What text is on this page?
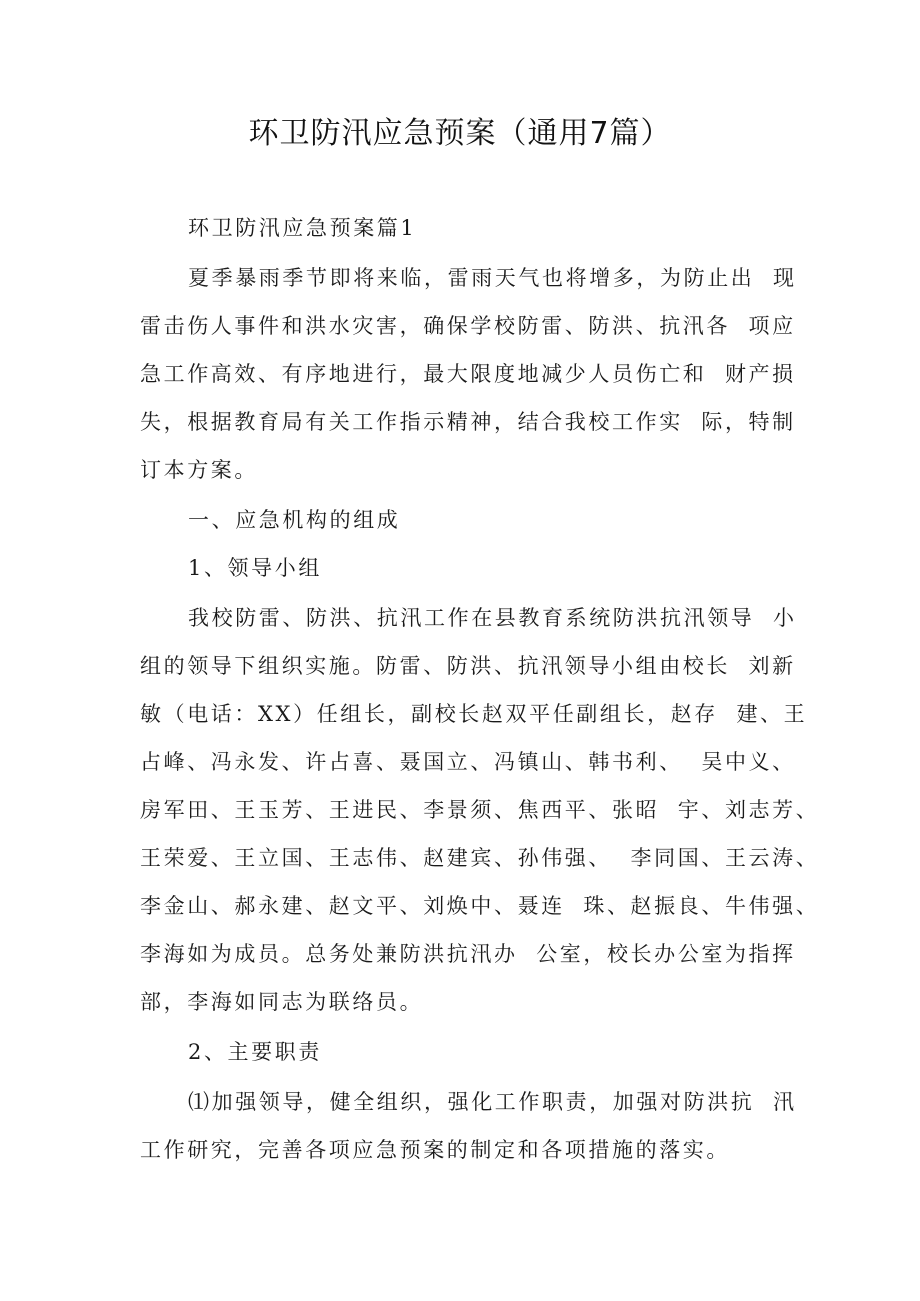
环卫防汛应急预案（通用7篇）
环卫防汛应急预案篇1
夏季暴雨季节即将来临，雷雨天气也将增多，为防止出  现
雷击伤人事件和洪水灾害，确保学校防雷、防洪、抗汛各  项应
急工作高效、有序地进行，最大限度地减少人员伤亡和  财产损
失，根据教育局有关工作指示精神，结合我校工作实  际，特制
订本方案。
一、应急机构的组成
1、领导小组
我校防雷、防洪、抗汛工作在县教育系统防洪抗汛领导  小
组的领导下组织实施。防雷、防洪、抗汛领导小组由校长  刘新
敏（电话：XX）任组长，副校长赵双平任副组长，赵存  建、王
占峰、冯永发、许占喜、聂国立、冯镇山、韩书利、  吴中义、
房军田、王玉芳、王进民、李景须、焦西平、张昭  宇、刘志芳、
王荣爱、王立国、王志伟、赵建宾、孙伟强、  李同国、王云涛、
李金山、郝永建、赵文平、刘焕中、聂连  珠、赵振良、牛伟强、
李海如为成员。总务处兼防洪抗汛办  公室，校长办公室为指挥
部，李海如同志为联络员。
2、主要职责
⑴加强领导，健全组织，强化工作职责，加强对防洪抗  汛
工作研究，完善各项应急预案的制定和各项措施的落实。
